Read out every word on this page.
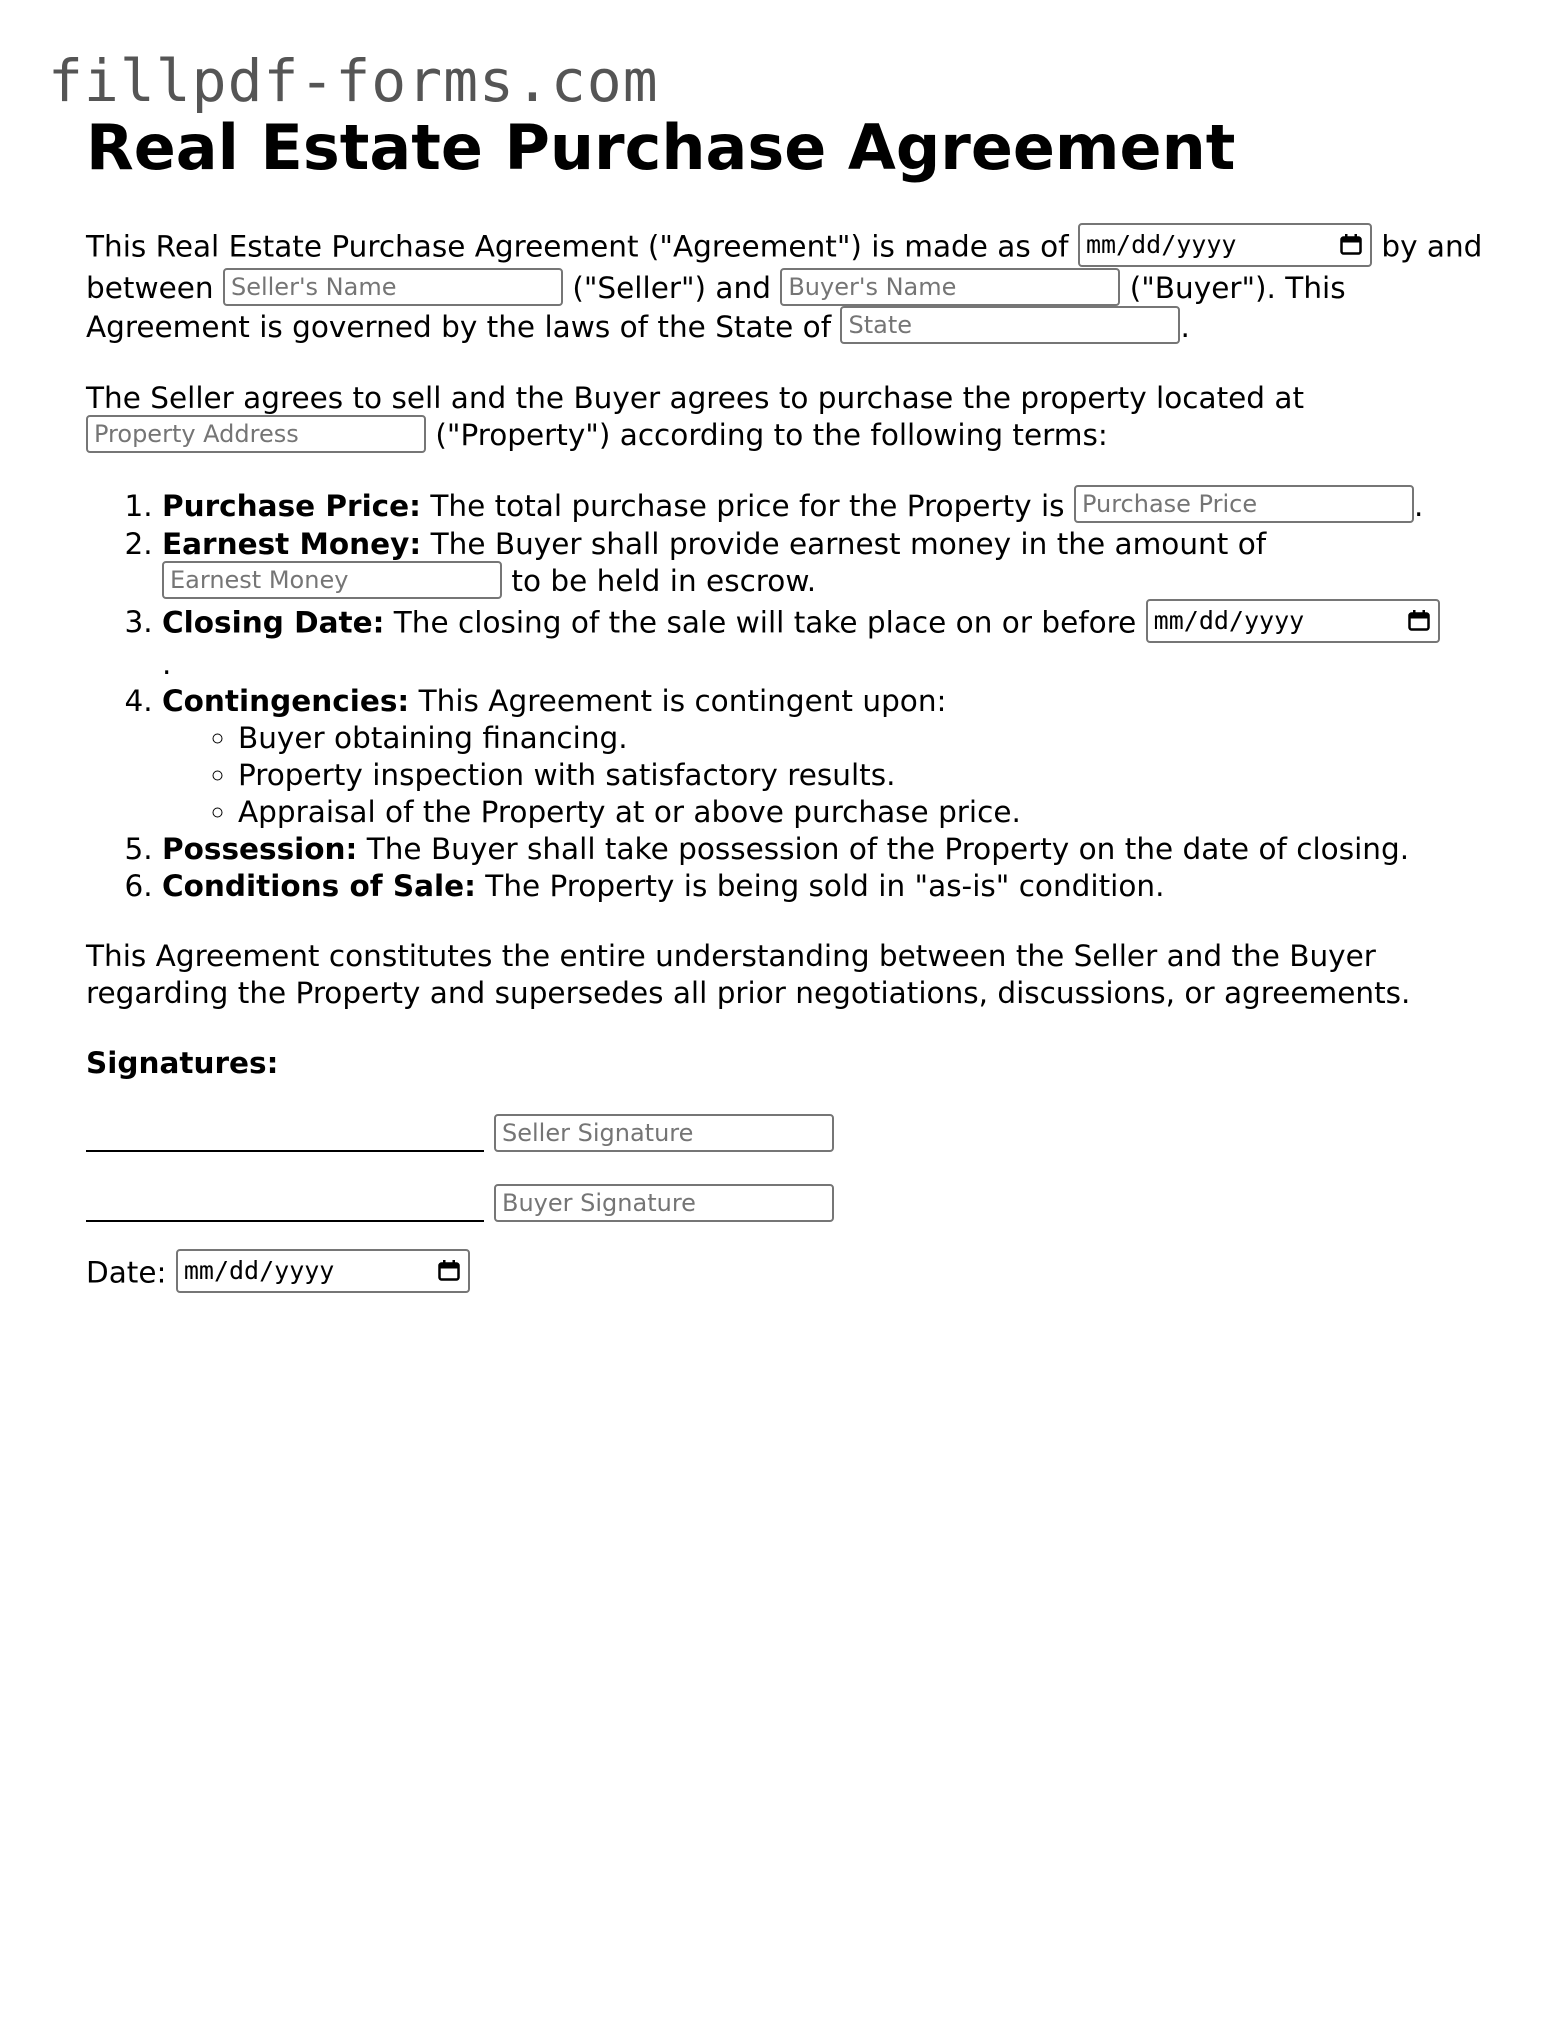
fillpdf-forms.com
Real Estate Purchase Agreement

This Real Estate Purchase Agreement ("Agreement") is made as of mm/dd/yyyy	by and between Seller's Name	("Seller") and Buyer's Name	("Buyer"). This Agreement is governed by the laws of the State of State	.

The Seller agrees to sell and the Buyer agrees to purchase the property located at Property Address	("Property") according to the following terms:

1. Purchase Price: The total purchase price for the Property is Purchase Price	.
2. Earnest Money: The Buyer shall provide earnest money in the amount of Earnest Money	to be held in escrow.
3. Closing Date: The closing of the sale will take place on or before mm/dd/yyyy

.
4. Contingencies: This Agreement is contingent upon:
◦ Buyer obtaining financing.
◦ Property inspection with satisfactory results.
◦ Appraisal of the Property at or above purchase price.
5. Possession: The Buyer shall take possession of the Property on the date of closing.
6. Conditions of Sale: The Property is being sold in "as-is" condition.

This Agreement constitutes the entire understanding between the Seller and the Buyer regarding the Property and supersedes all prior negotiations, discussions, or agreements.

Signatures:
Seller Signature
Buyer Signature
Date: mm/dd/yyyy
